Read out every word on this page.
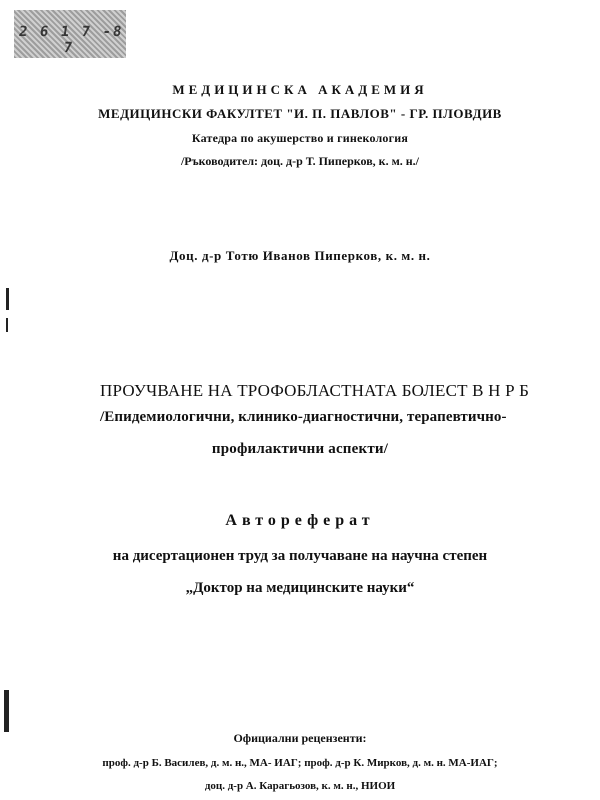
2 6 1 7 -8 7
МЕДИЦИНСКА АКАДЕМИЯ
МЕДИЦИНСКИ ФАКУЛТЕТ "И. П. ПАВЛОВ" - ГР. ПЛОВДИВ
Катедра по акушерство и гинекология
/Ръководител: доц. д-р Т. Пиперков, к. м. н./
Доц. д-р Тотю Иванов Пиперков, к. м. н.
ПРОУЧВАНЕ НА ТРОФОБЛАСТНАТА БОЛЕСТ В Н Р Б
/Епидемиологични, клинико-диагностични, терапевтично-
профилактични аспекти/
Автореферат
на дисертационен труд за получаване на научна степен
„Доктор на медицинските науки“
Официални рецензенти:
проф. д-р Б. Василев, д. м. н., МА- ИАГ; проф. д-р К. Мирков, д. м. н. МА-ИАГ;
доц. д-р А. Карагьозов, к. м. н., НИОИ
